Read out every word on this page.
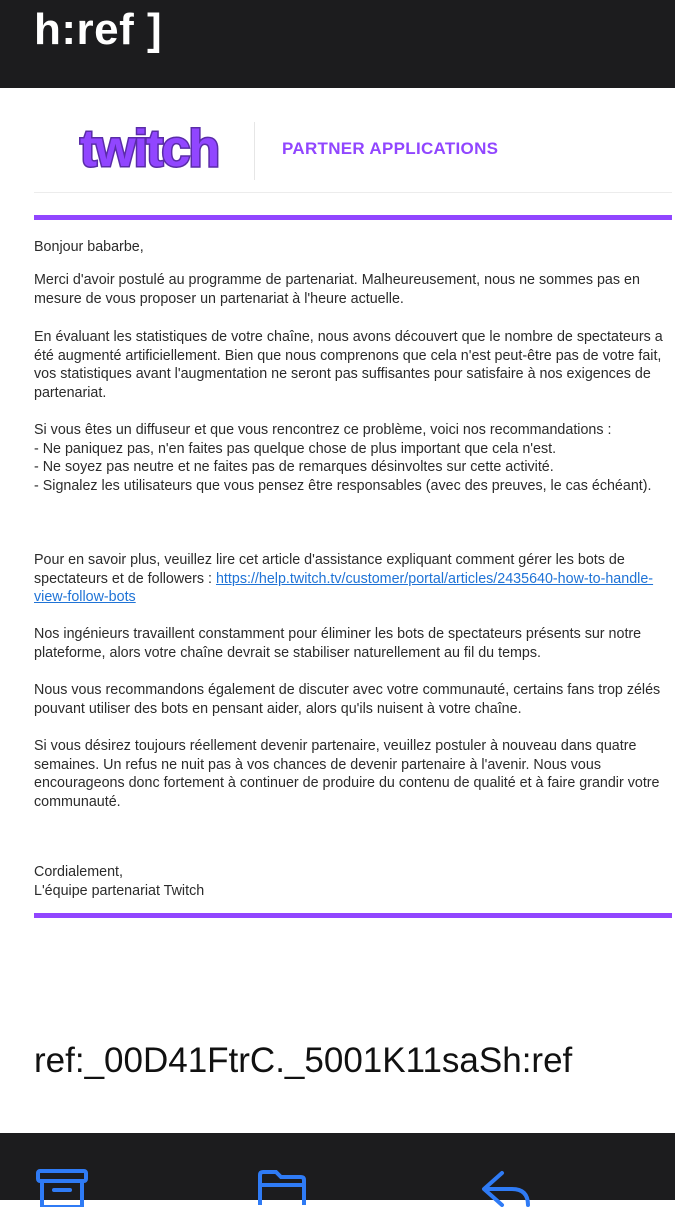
h:ref ]
twitch	PARTNER APPLICATIONS

Bonjour babarbe,

Merci d'avoir postulé au programme de partenariat. Malheureusement, nous ne sommes pas en mesure de vous proposer un partenariat à l'heure actuelle.

En évaluant les statistiques de votre chaîne, nous avons découvert que le nombre de spectateurs a été augmenté artificiellement. Bien que nous comprenons que cela n'est peut-être pas de votre fait, vos statistiques avant l'augmentation ne seront pas suffisantes pour satisfaire à nos exigences de partenariat.

Si vous êtes un diffuseur et que vous rencontrez ce problème, voici nos recommandations :

- Ne paniquez pas, n'en faites pas quelque chose de plus important que cela n'est.

- Ne soyez pas neutre et ne faites pas de remarques désinvoltes sur cette activité.

- Signalez les utilisateurs que vous pensez être responsables (avec des preuves, le cas échéant).

Pour en savoir plus, veuillez lire cet article d'assistance expliquant comment gérer les bots de spectateurs et de followers : https://help.twitch.tv/customer/portal/articles/2435640-how-to-handle-view-follow-bots

Nos ingénieurs travaillent constamment pour éliminer les bots de spectateurs présents sur notre plateforme, alors votre chaîne devrait se stabiliser naturellement au fil du temps.

Nous vous recommandons également de discuter avec votre communauté, certains fans trop zélés pouvant utiliser des bots en pensant aider, alors qu'ils nuisent à votre chaîne.

Si vous désirez toujours réellement devenir partenaire, veuillez postuler à nouveau dans quatre semaines. Un refus ne nuit pas à vos chances de devenir partenaire à l'avenir. Nous vous encourageons donc fortement à continuer de produire du contenu de qualité et à faire grandir votre communauté.

Cordialement,

L'équipe partenariat Twitch

ref:_00D41FtrC._5001K11saSh:ref
